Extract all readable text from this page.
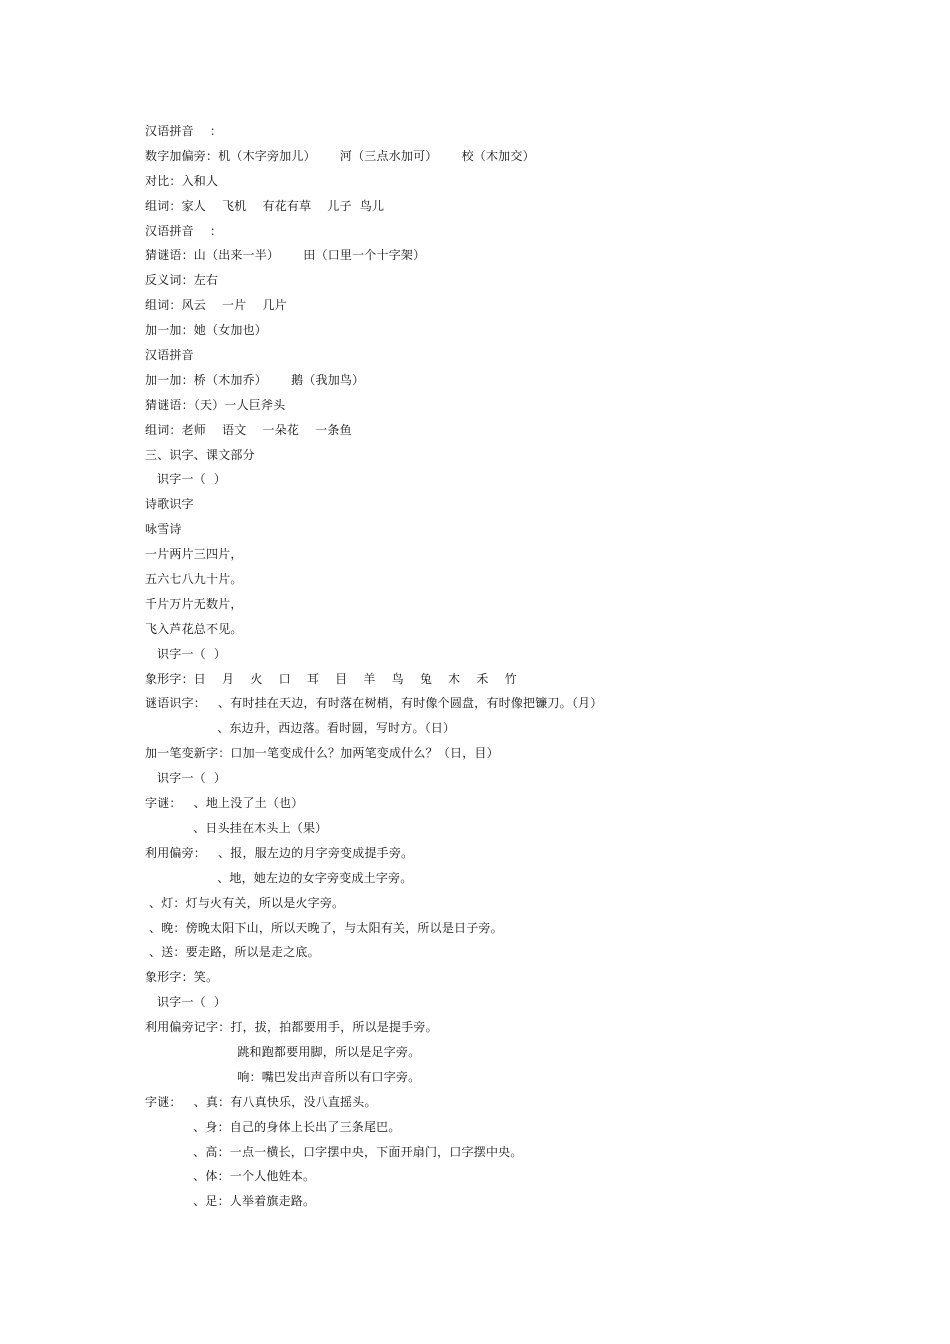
汉语拼音    ：
数字加偏旁：机（木字旁加儿）      河（三点水加可）      校（木加交）
对比：入和人
组词：家人    飞机    有花有草    儿子  鸟儿
汉语拼音    ：
猜谜语：山（出来一半）      田（口里一个十字架）
反义词：左右
组词：风云    一片    几片
加一加：她（女加也）
汉语拼音
加一加：桥（木加乔）      鹅（我加鸟）
猜谜语：（天）一人巨斧头
组词：老师    语文    一朵花    一条鱼
三、识字、课文部分
识字一（  ）
诗歌识字
咏雪诗
一片两片三四片，
五六七八九十片。
千片万片无数片，
飞入芦花总不见。
识字一（  ）
象形字：日    月    火    口    耳    目    羊    鸟    兔    木    禾    竹
谜语识字：   、有时挂在天边，有时落在树梢，有时像个圆盘，有时像把镰刀。（月）
、东边升，西边落。看时圆，写时方。（日）
加一笔变新字：口加一笔变成什么？加两笔变成什么？（日，目）
识字一（  ）
字谜：   、地上没了土（也）
、日头挂在木头上（果）
利用偏旁：   、报，服左边的月字旁变成提手旁。
、地，她左边的女字旁变成土字旁。
、灯：灯与火有关，所以是火字旁。
、晚：傍晚太阳下山，所以天晚了，与太阳有关，所以是日子旁。
、送：要走路，所以是走之底。
象形字：笑。
识字一（  ）
利用偏旁记字：打，拔，拍都要用手，所以是提手旁。
跳和跑都要用脚，所以是足字旁。
响：嘴巴发出声音所以有口字旁。
字谜：   、真：有八真快乐，没八直摇头。
、身：自己的身体上长出了三条尾巴。
、高：一点一横长，口字摆中央，下面开扇门，口字摆中央。
、体：一个人他姓本。
、足：人举着旗走路。
